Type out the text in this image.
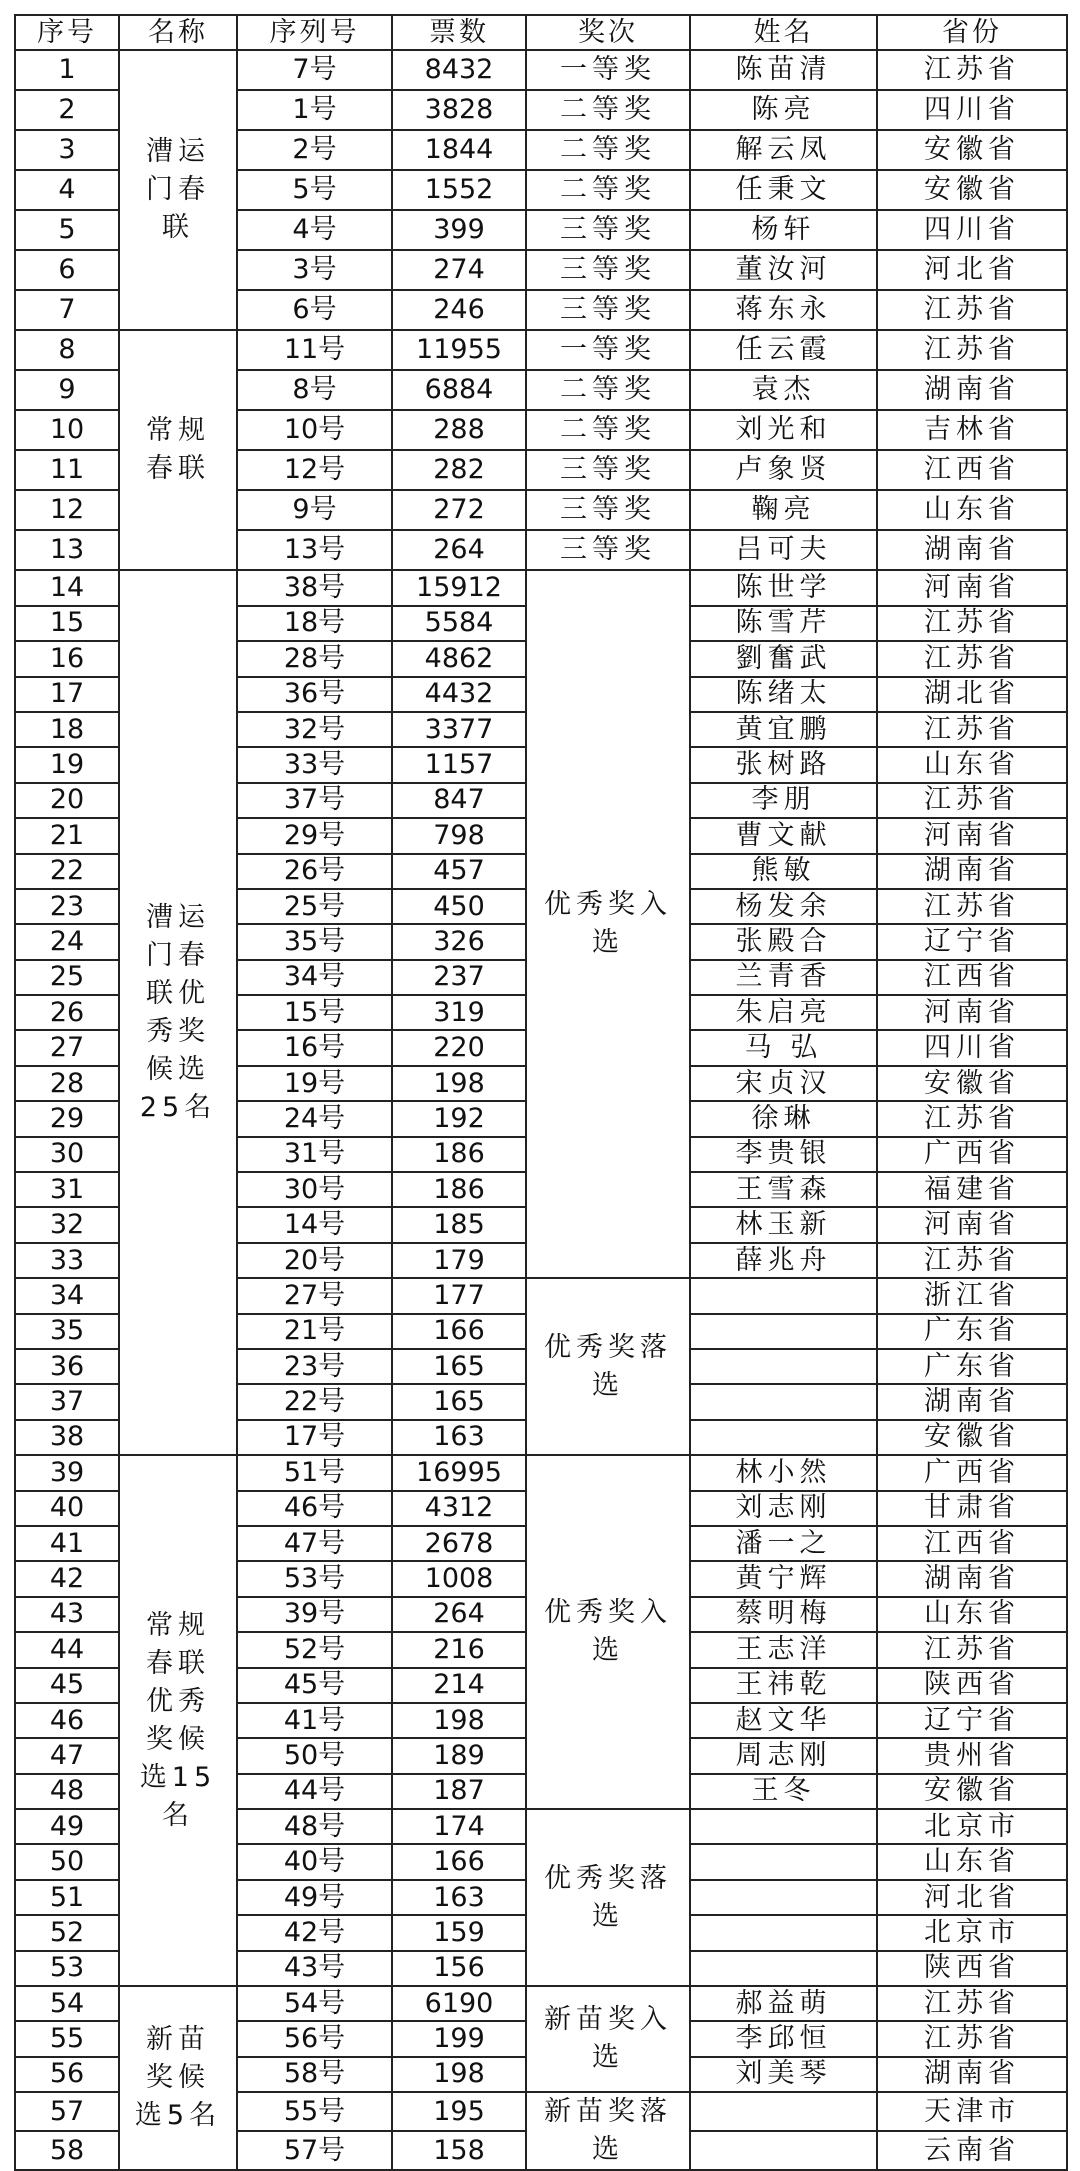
序号	名称	序列号	票数	奖次	姓名	省份
1	漕运门春联	7号	8432	一等奖	陈苗清	江苏省
2		1号	3828	二等奖	陈亮	四川省
3		2号	1844	二等奖	解云凤	安徽省
4		5号	1552	二等奖	任秉文	安徽省
5		4号	399	三等奖	杨轩	四川省
6		3号	274	三等奖	董汝河	河北省
7		6号	246	三等奖	蒋东永	江苏省
8	常规春联	11号	11955	一等奖	任云霞	江苏省
9		8号	6884	二等奖	袁杰	湖南省
10		10号	288	二等奖	刘光和	吉林省
11		12号	282	三等奖	卢象贤	江西省
12		9号	272	三等奖	鞠亮	山东省
13		13号	264	三等奖	吕可夫	湖南省
14	漕运门春联优秀奖候选25名	38号	15912	优秀奖入选	陈世学	河南省
15		18号	5584		陈雪芹	江苏省
16		28号	4862		劉奮武	江苏省
17		36号	4432		陈绪太	湖北省
18		32号	3377		黄宜鹏	江苏省
19		33号	1157		张树路	山东省
20		37号	847		李朋	江苏省
21		29号	798		曹文献	河南省
22		26号	457		熊敏	湖南省
23		25号	450		杨发余	江苏省
24		35号	326		张殿合	辽宁省
25		34号	237		兰青香	江西省
26		15号	319		朱启亮	河南省
27		16号	220		马 弘	四川省
28		19号	198		宋贞汉	安徽省
29		24号	192		徐琳	江苏省
30		31号	186		李贵银	广西省
31		30号	186		王雪森	福建省
32		14号	185		林玉新	河南省
33		20号	179		薛兆舟	江苏省
34		27号	177	优秀奖落选		浙江省
35		21号	166			广东省
36		23号	165			广东省
37		22号	165			湖南省
38		17号	163			安徽省
39	常规春联优秀奖候选15名	51号	16995	优秀奖入选	林小然	广西省
40		46号	4312		刘志刚	甘肃省
41		47号	2678		潘一之	江西省
42		53号	1008		黄宁辉	湖南省
43		39号	264		蔡明梅	山东省
44		52号	216		王志洋	江苏省
45		45号	214		王祎乾	陕西省
46		41号	198		赵文华	辽宁省
47		50号	189		周志刚	贵州省
48		44号	187		王冬	安徽省
49		48号	174	优秀奖落选		北京市
50		40号	166			山东省
51		49号	163			河北省
52		42号	159			北京市
53		43号	156			陕西省
54	新苗奖候选5名	54号	6190	新苗奖入选	郝益萌	江苏省
55		56号	199		李邱恒	江苏省
56		58号	198		刘美琴	湖南省
57		55号	195	新苗奖落选		天津市
58		57号	158			云南省
